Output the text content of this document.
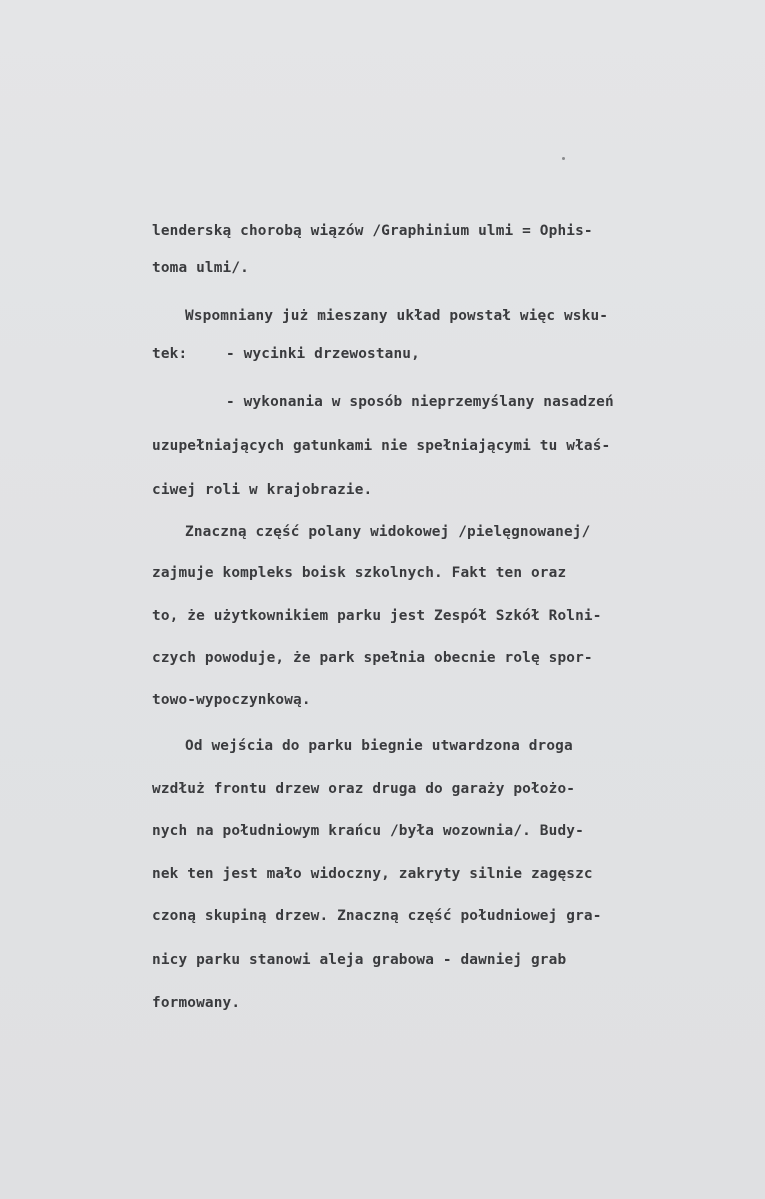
lenderską chorobą wiązów /Graphinium ulmi = Ophis-
toma ulmi/.
Wspomniany już mieszany układ powstał więc wsku-
tek:	- wycinki drzewostanu,
- wykonania w sposób nieprzemyślany nasadzeń
uzupełniających gatunkami nie spełniającymi tu właś-
ciwej roli w krajobrazie.
Znaczną część polany widokowej /pielęgnowanej/
zajmuje kompleks boisk szkolnych. Fakt ten oraz
to, że użytkownikiem parku jest Zespół Szkół Rolni-
czych powoduje, że park spełnia obecnie rolę spor-
towo-wypoczynkową.
Od wejścia do parku biegnie utwardzona droga
wzdłuż frontu drzew oraz druga do garaży położo-
nych na południowym krańcu /była wozownia/. Budy-
nek ten jest mało widoczny, zakryty silnie zagęszc
czoną skupiną drzew. Znaczną część południowej gra-
nicy parku stanowi aleja grabowa - dawniej grab
formowany.
